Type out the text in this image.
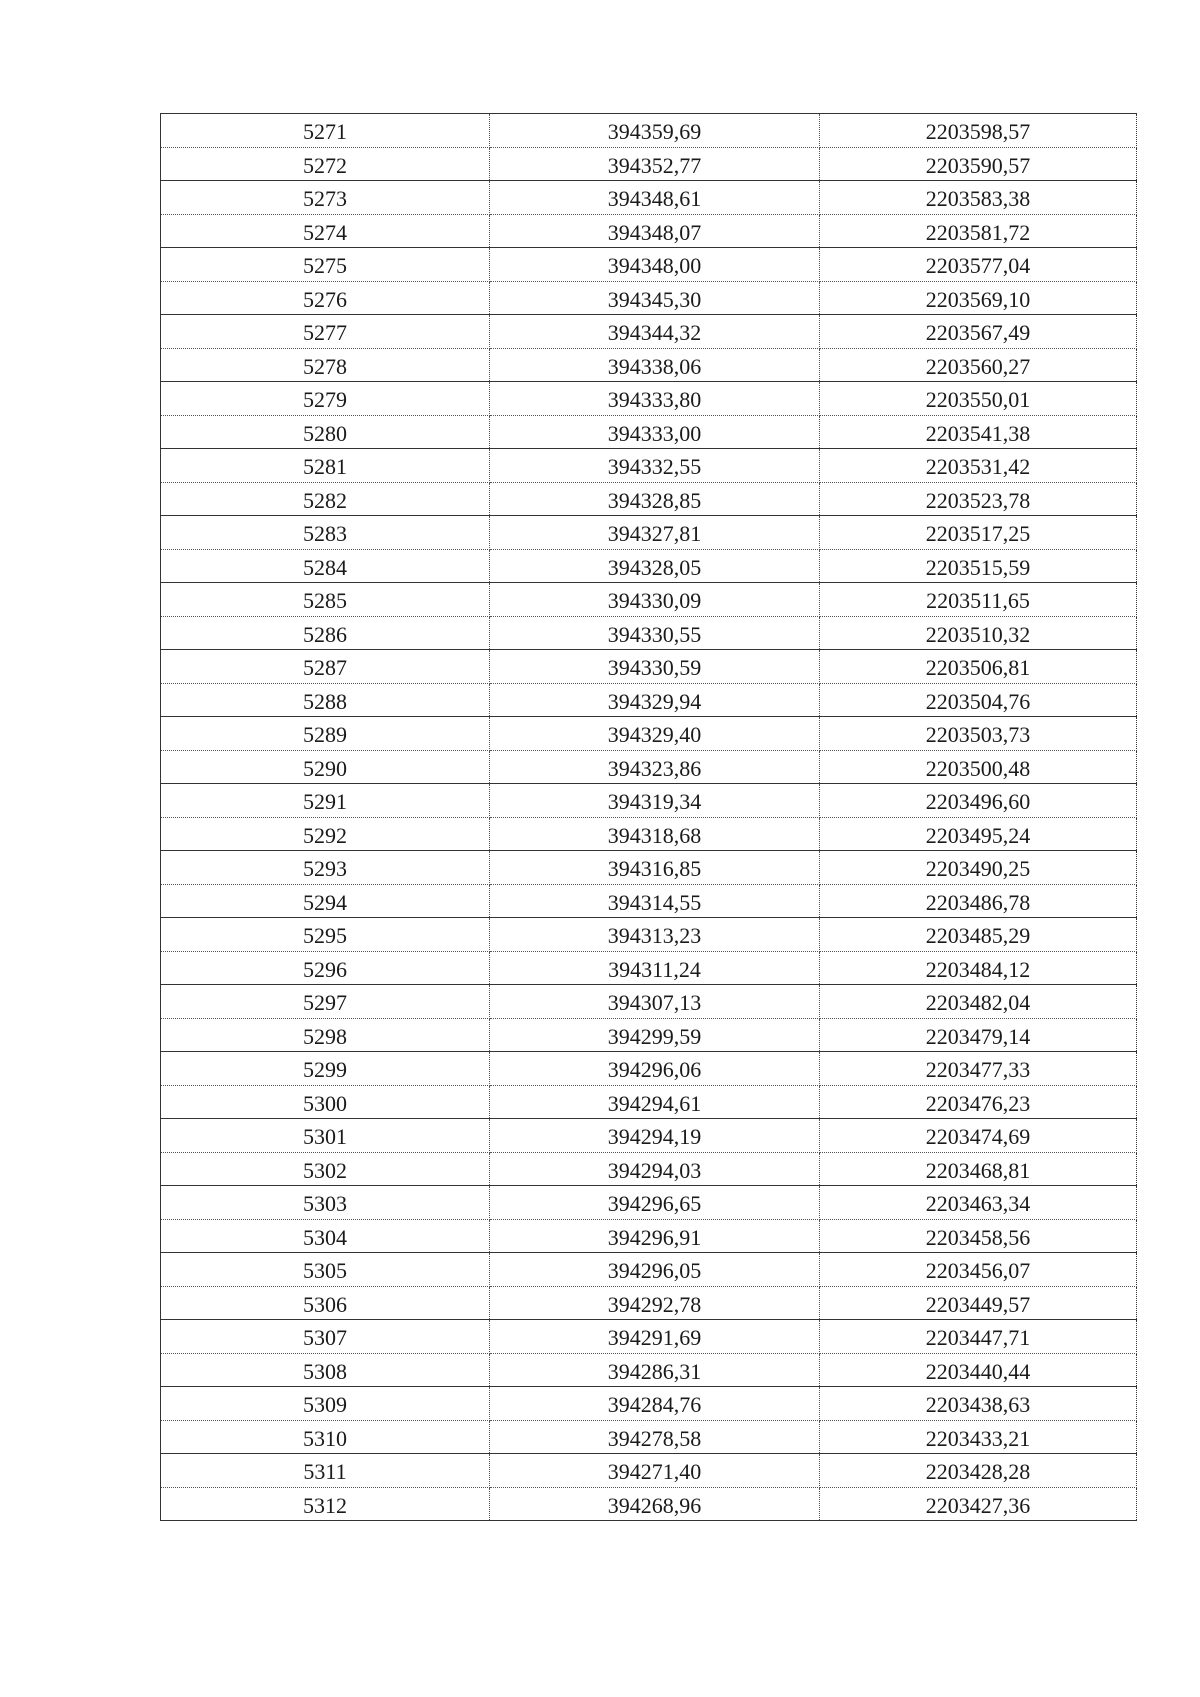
5271	394359,69	2203598,57
5272	394352,77	2203590,57
5273	394348,61	2203583,38
5274	394348,07	2203581,72
5275	394348,00	2203577,04
5276	394345,30	2203569,10
5277	394344,32	2203567,49
5278	394338,06	2203560,27
5279	394333,80	2203550,01
5280	394333,00	2203541,38
5281	394332,55	2203531,42
5282	394328,85	2203523,78
5283	394327,81	2203517,25
5284	394328,05	2203515,59
5285	394330,09	2203511,65
5286	394330,55	2203510,32
5287	394330,59	2203506,81
5288	394329,94	2203504,76
5289	394329,40	2203503,73
5290	394323,86	2203500,48
5291	394319,34	2203496,60
5292	394318,68	2203495,24
5293	394316,85	2203490,25
5294	394314,55	2203486,78
5295	394313,23	2203485,29
5296	394311,24	2203484,12
5297	394307,13	2203482,04
5298	394299,59	2203479,14
5299	394296,06	2203477,33
5300	394294,61	2203476,23
5301	394294,19	2203474,69
5302	394294,03	2203468,81
5303	394296,65	2203463,34
5304	394296,91	2203458,56
5305	394296,05	2203456,07
5306	394292,78	2203449,57
5307	394291,69	2203447,71
5308	394286,31	2203440,44
5309	394284,76	2203438,63
5310	394278,58	2203433,21
5311	394271,40	2203428,28
5312	394268,96	2203427,36
